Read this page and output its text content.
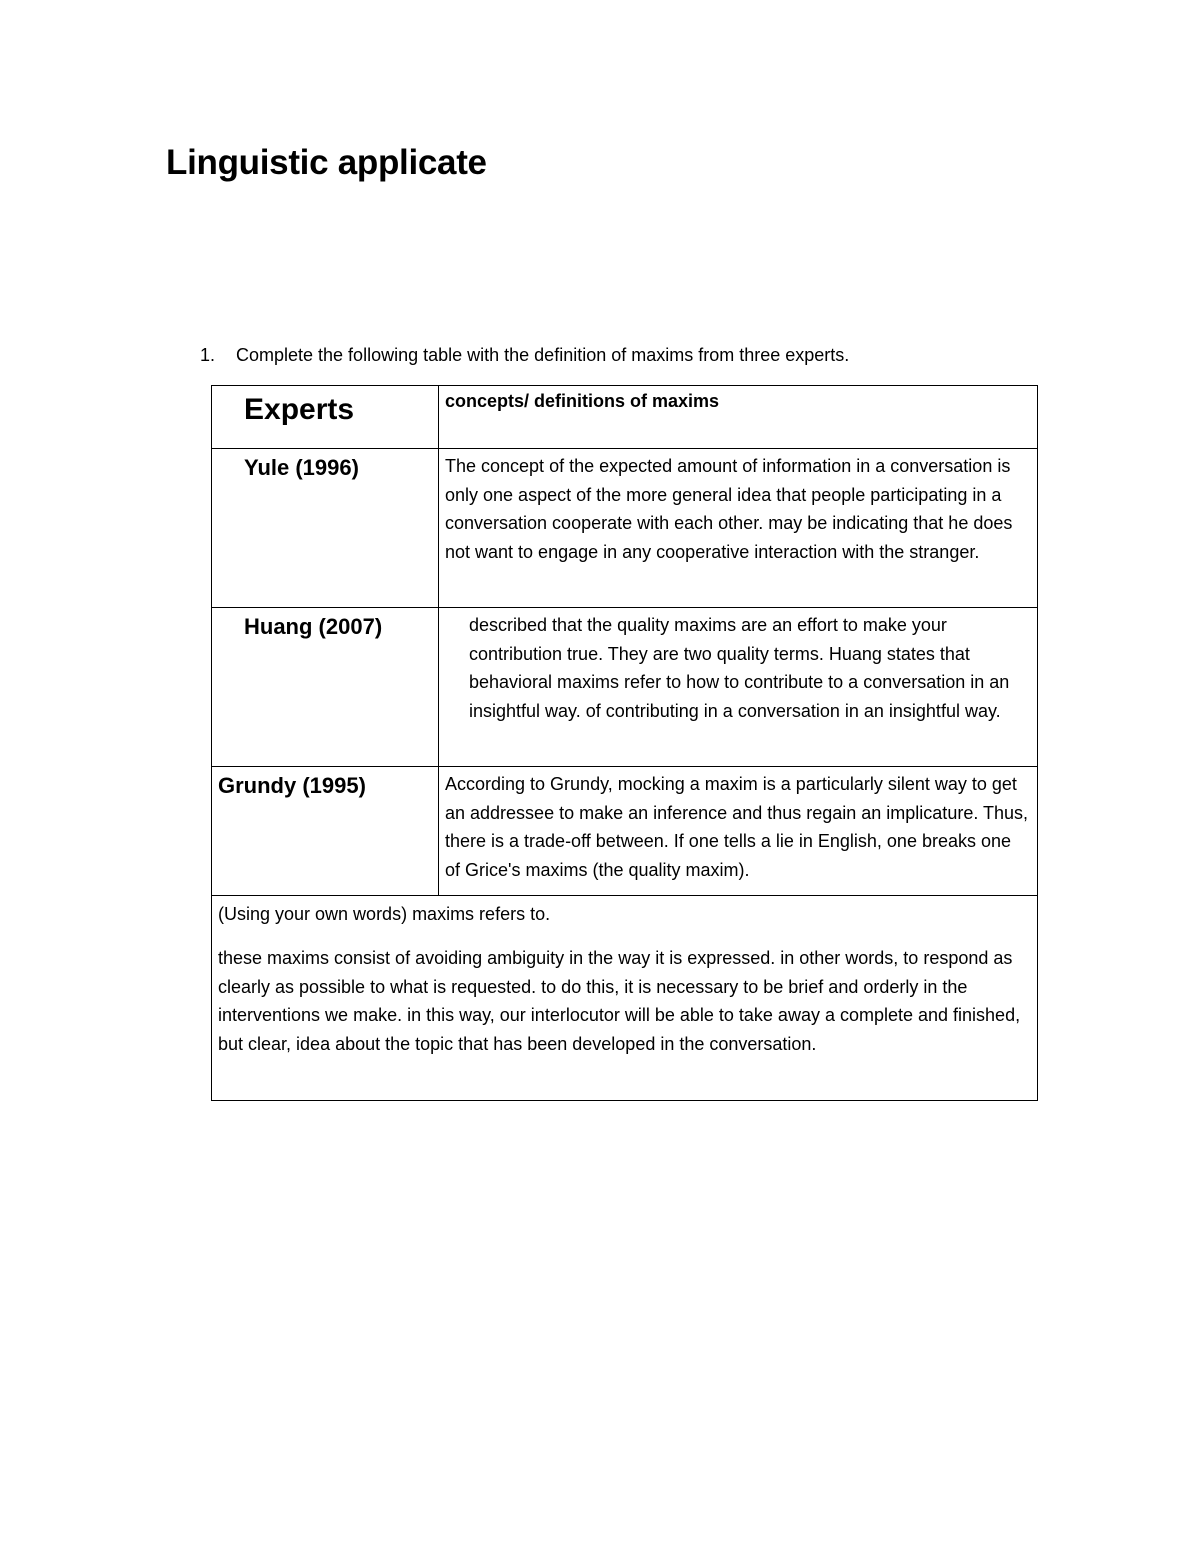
Linguistic applicate
1. Complete the following table with the definition of maxims from three experts.
Experts	concepts/ definitions of maxims

Yule (1996)	The concept of the expected amount of information in a conversation is only one aspect of the more general idea that people participating in a conversation cooperate with each other. may be indicating that he does not want to engage in any cooperative interaction with the stranger.

Huang (2007)	described that the quality maxims are an effort to make your contribution true. They are two quality terms. Huang states that behavioral maxims refer to how to contribute to a conversation in an insightful way. of contributing in a conversation in an insightful way.

Grundy (1995)	According to Grundy, mocking a maxim is a particularly silent way to get an addressee to make an inference and thus regain an implicature. Thus, there is a trade-off between. If one tells a lie in English, one breaks one of Grice's maxims (the quality maxim).

(Using your own words) maxims refers to.
these maxims consist of avoiding ambiguity in the way it is expressed. in other words, to respond as clearly as possible to what is requested. to do this, it is necessary to be brief and orderly in the interventions we make. in this way, our interlocutor will be able to take away a complete and finished, but clear, idea about the topic that has been developed in the conversation.	
